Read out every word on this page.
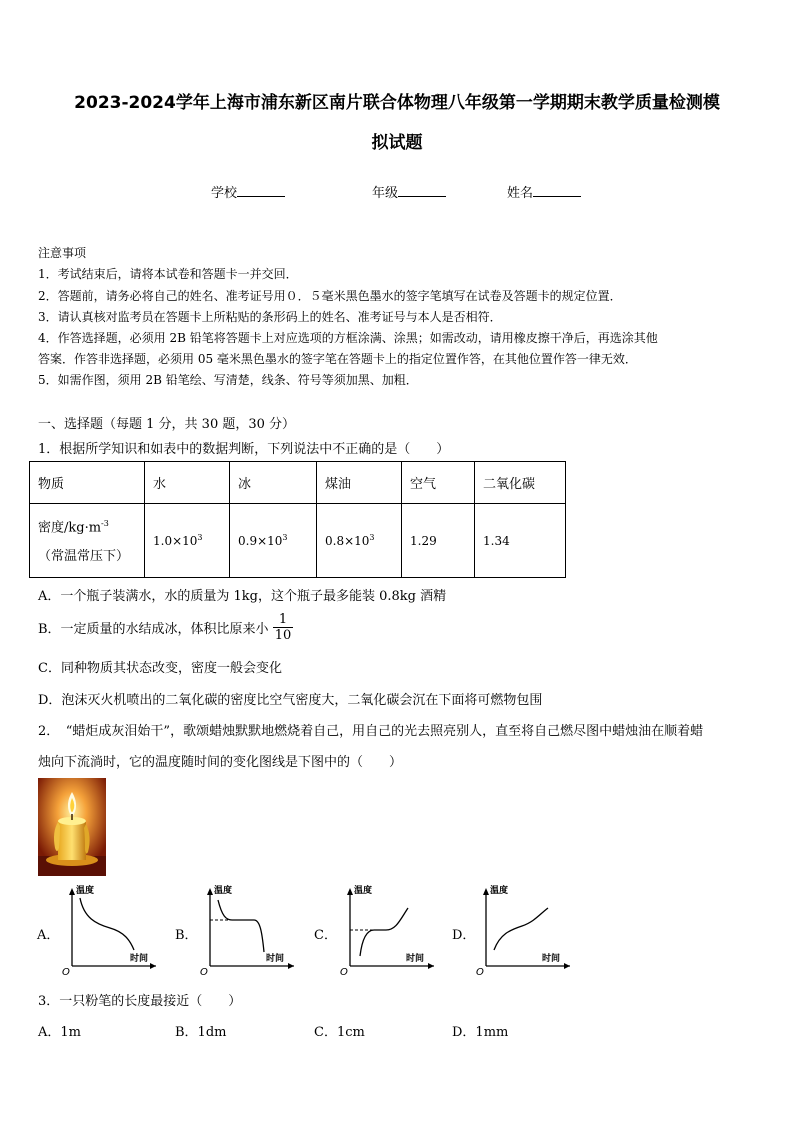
2023-2024学年上海市浦东新区南片联合体物理八年级第一学期期末教学质量检测模
拟试题
学校	年级	姓名
注意事项
1．考试结束后，请将本试卷和答题卡一并交回．
2．答题前，请务必将自己的姓名、准考证号用０．５毫米黑色墨水的签字笔填写在试卷及答题卡的规定位置．
3．请认真核对监考员在答题卡上所粘贴的条形码上的姓名、准考证号与本人是否相符．
4．作答选择题，必须用 2B 铅笔将答题卡上对应选项的方框涂满、涂黑；如需改动，请用橡皮擦干净后，再选涂其他
答案．作答非选择题，必须用 05 毫米黑色墨水的签字笔在答题卡上的指定位置作答，在其他位置作答一律无效．
5．如需作图，须用 2B 铅笔绘、写清楚，线条、符号等须加黑、加粗．
一、选择题（每题 1 分，共 30 题，30 分）
1．根据所学知识和如表中的数据判断，下列说法中不正确的是（　　）
物质	水	冰	煤油	空气	二氧化碳
密度$/kg\cdot m^{-3}$
（常温常压下）	$1.0\times 10^3$	$0.9\times 10^3$	$0.8\times 10^3$	1.29	1.34
A．一个瓶子装满水，水的质量为 1kg，这个瓶子最多能装 0.8kg 酒精
B．一定质量的水结成冰，体积比原来小 $\frac{1}{10}$
C．同种物质其状态改变，密度一般会变化
D．泡沫灭火机喷出的二氧化碳的密度比空气密度大，二氧化碳会沉在下面将可燃物包围
2．　“蜡炬成灰泪始干”，歌颂蜡烛默默地燃烧着自己，用自己的光去照亮别人，直至将自己燃尽图中蜡烛油在顺着蜡
烛向下流淌时，它的温度随时间的变化图线是下图中的（　　）
A．
温度
时间
O
B．
温度
时间
O
C．
温度
时间
O
D．
温度
时间
O
3．一只粉笔的长度最接近（　　）
A．1m	B．1dm	C．1cm	D．1mm
